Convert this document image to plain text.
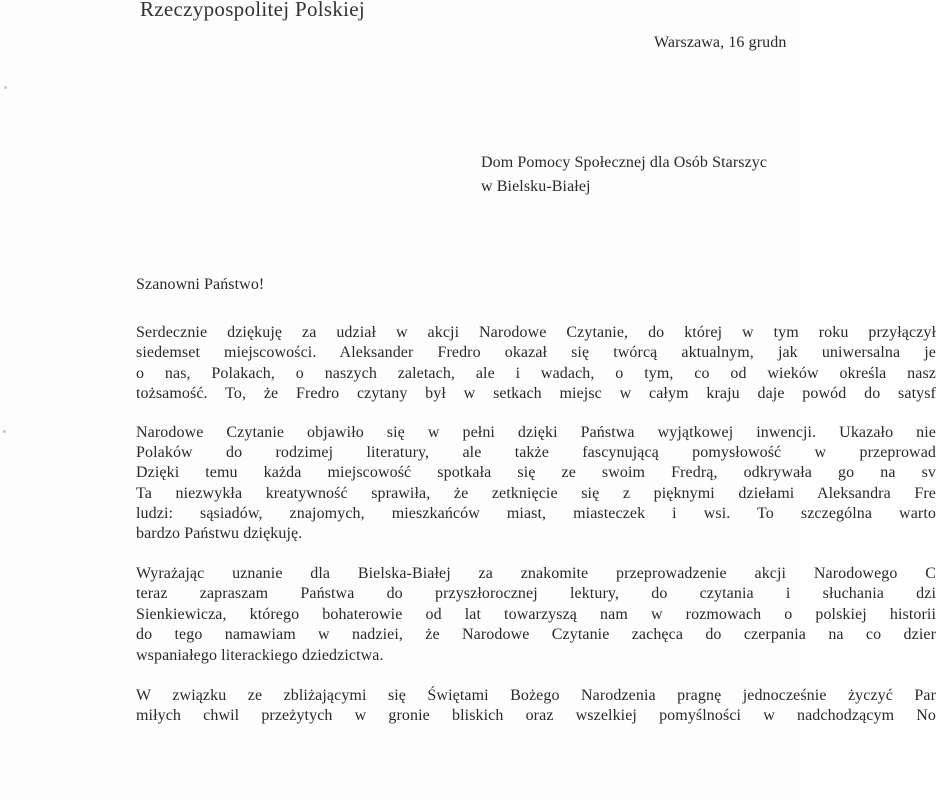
Rzeczypospolitej Polskiej
Warszawa, 16 grudn
Dom Pomocy Społecznej dla Osób Starszyc
w Bielsku-Białej
Szanowni Państwo!
Serdecznie dziękuję za udział w akcji Narodowe Czytanie, do której w tym roku przyłączył
siedemset miejscowości. Aleksander Fredro okazał się twórcą aktualnym, jak uniwersalna je
o nas, Polakach, o naszych zaletach, ale i wadach, o tym, co od wieków określa nasz
tożsamość. To, że Fredro czytany był w setkach miejsc w całym kraju daje powód do satysf
Narodowe Czytanie objawiło się w pełni dzięki Państwa wyjątkowej inwencji. Ukazało nie
Polaków do rodzimej literatury, ale także fascynującą pomysłowość w przeprowad
Dzięki temu każda miejscowość spotkała się ze swoim Fredrą, odkrywała go na sv
Ta niezwykła kreatywność sprawiła, że zetknięcie się z pięknymi dziełami Aleksandra Fre
ludzi: sąsiadów, znajomych, mieszkańców miast, miasteczek i wsi. To szczególna warto
bardzo Państwu dziękuję.
Wyrażając uznanie dla Bielska-Białej za znakomite przeprowadzenie akcji Narodowego C
teraz zapraszam Państwa do przyszłorocznej lektury, do czytania i słuchania dzi
Sienkiewicza, którego bohaterowie od lat towarzyszą nam w rozmowach o polskiej historii
do tego namawiam w nadziei, że Narodowe Czytanie zachęca do czerpania na co dzier
wspaniałego literackiego dziedzictwa.
W związku ze zbliżającymi się Świętami Bożego Narodzenia pragnę jednocześnie życzyć Par
miłych chwil przeżytych w gronie bliskich oraz wszelkiej pomyślności w nadchodzącym No
